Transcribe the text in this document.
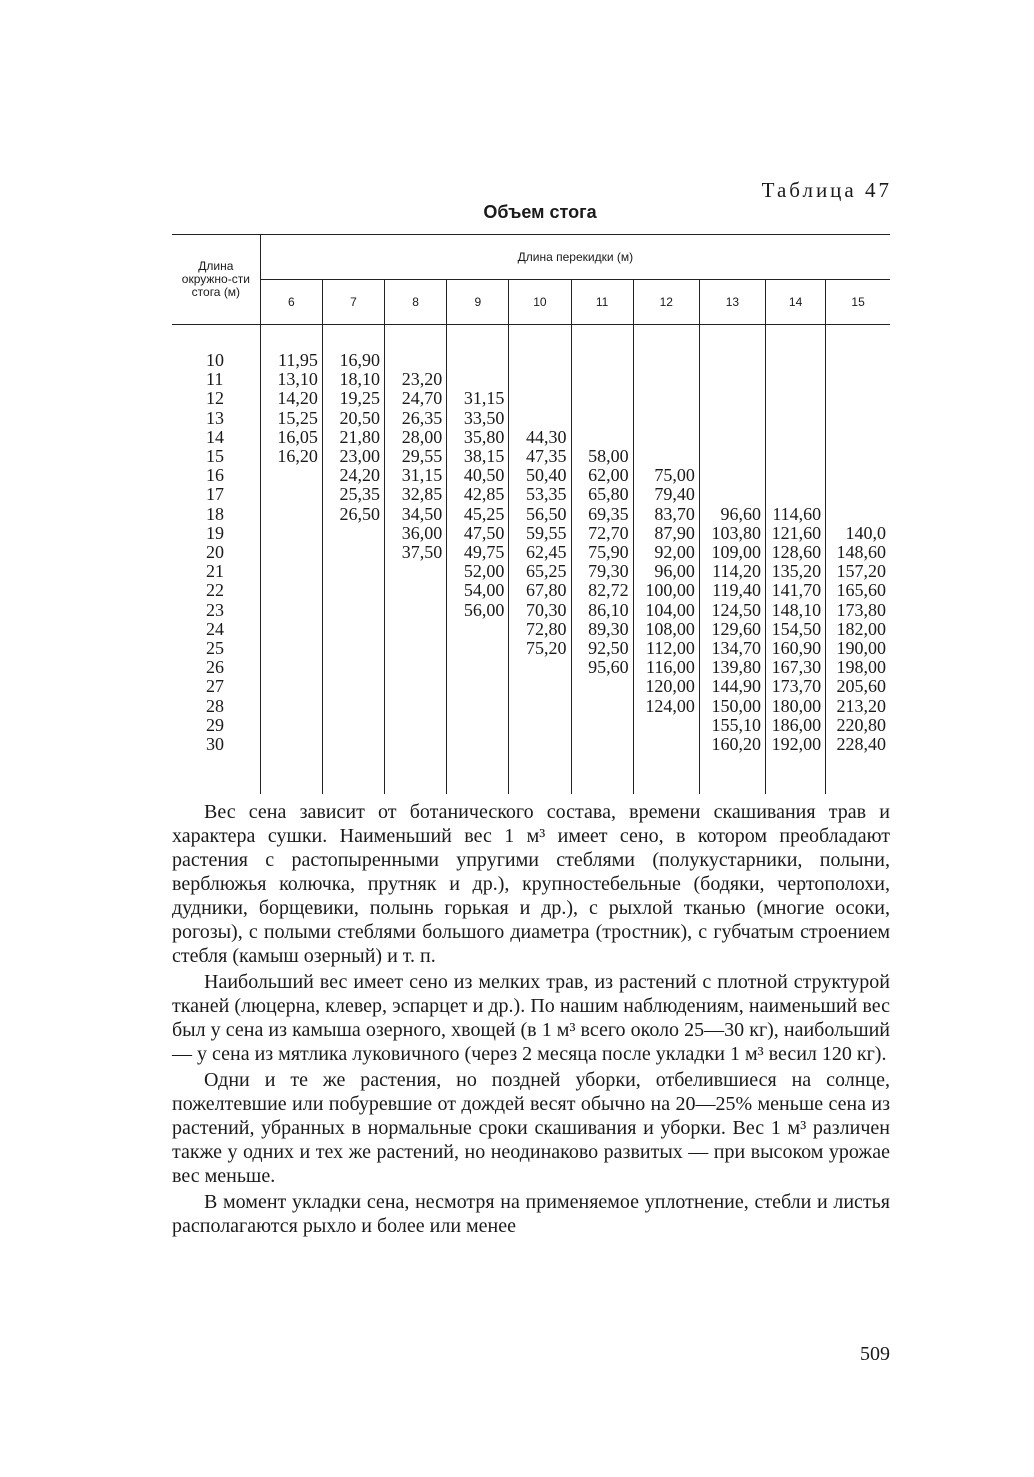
Таблица 47
Объем стога
Длина окружно-сти стога (м)	Длина перекидки (м)									
	6	7	8	9	10	11	12	13	14	15

10	11,95	16,90								
11	13,10	18,10	23,20							
12	14,20	19,25	24,70	31,15						
13	15,25	20,50	26,35	33,50						
14	16,05	21,80	28,00	35,80	44,30					
15	16,20	23,00	29,55	38,15	47,35	58,00				
16		24,20	31,15	40,50	50,40	62,00	75,00			
17		25,35	32,85	42,85	53,35	65,80	79,40			
18		26,50	34,50	45,25	56,50	69,35	83,70	96,60	114,60	
19			36,00	47,50	59,55	72,70	87,90	103,80	121,60	140,0
20			37,50	49,75	62,45	75,90	92,00	109,00	128,60	148,60
21				52,00	65,25	79,30	96,00	114,20	135,20	157,20
22				54,00	67,80	82,72	100,00	119,40	141,70	165,60
23				56,00	70,30	86,10	104,00	124,50	148,10	173,80
24					72,80	89,30	108,00	129,60	154,50	182,00
25					75,20	92,50	112,00	134,70	160,90	190,00
26						95,60	116,00	139,80	167,30	198,00
27							120,00	144,90	173,70	205,60
28							124,00	150,00	180,00	213,20
29								155,10	186,00	220,80
30								160,20	192,00	228,40

Вес сена зависит от ботанического состава, времени скашивания трав и характера сушки. Наименьший вес 1 м³ имеет сено, в котором преобладают растения с растопыренными упругими стеблями (полукустарники, полыни, верблюжья колючка, прутняк и др.), крупностебельные (бодяки, чертополохи, дудники, борщевики, полынь горькая и др.), с рыхлой тканью (многие осоки, рогозы), с полыми стеблями большого диаметра (тростник), с губчатым строением стебля (камыш озерный) и т. п.

Наибольший вес имеет сено из мелких трав, из растений с плотной структурой тканей (люцерна, клевер, эспарцет и др.). По нашим наблюдениям, наименьший вес был у сена из камыша озерного, хвощей (в 1 м³ всего около 25—30 кг), наибольший — у сена из мятлика луковичного (через 2 месяца после укладки 1 м³ весил 120 кг).

Одни и те же растения, но поздней уборки, отбелившиеся на солнце, пожелтевшие или побуревшие от дождей весят обычно на 20—25% меньше сена из растений, убранных в нормальные сроки скашивания и уборки. Вес 1 м³ различен также у одних и тех же растений, но неодинаково развитых — при высоком урожае вес меньше.

В момент укладки сена, несмотря на применяемое уплотнение, стебли и листья располагаются рыхло и более или менее

509
